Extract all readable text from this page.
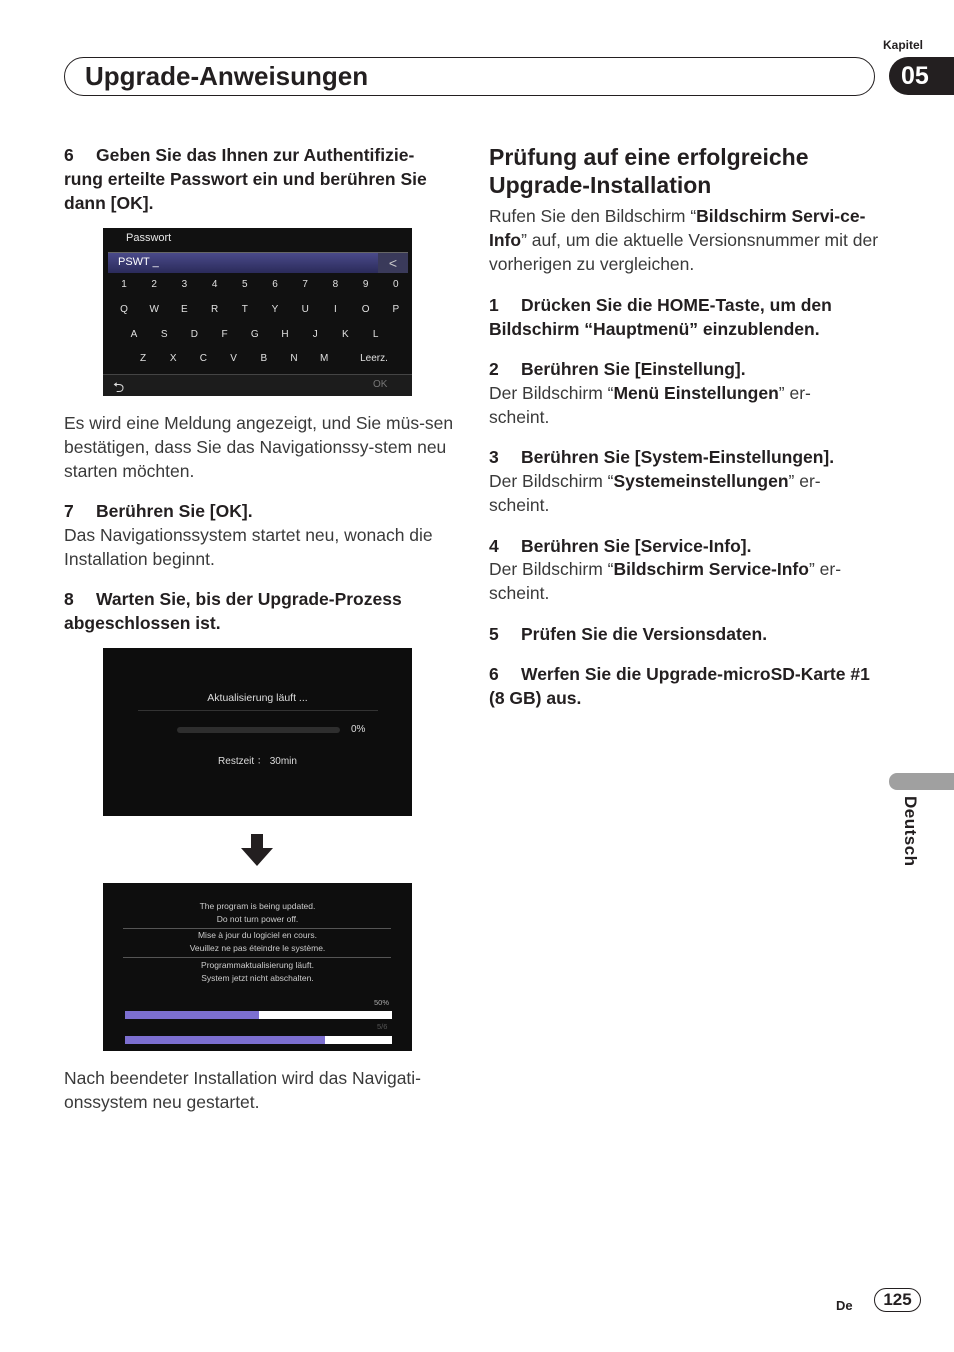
Kapitel
05
Upgrade-Anweisungen
6 Geben Sie das Ihnen zur Authentifizie-rung erteilte Passwort ein und berühren Sie dann [OK].
Passwort
PSWT _	<
1	2	3	4	5	6	7	8	9	0
Q	W	E	R	T	Y	U	I	O	P
A	S	D	F	G	H	J	K	L
Z	X	C	V	B	N	M	Leerz.
⮌	OK
Es wird eine Meldung angezeigt, und Sie müs-sen bestätigen, dass Sie das Navigationssy-stem neu starten möchten.
7 Berühren Sie [OK].
Das Navigationssystem startet neu, wonach die Installation beginnt.
8 Warten Sie, bis der Upgrade-Prozess abgeschlossen ist.
Aktualisierung läuft ...
0%
Restzeit ： 30min
The program is being updated.
Do not turn power off.
Mise à jour du logiciel en cours.
Veuillez ne pas éteindre le système.
Programmaktualisierung läuft.
System jetzt nicht abschalten.
50%
5/6
Nach beendeter Installation wird das Navigati-onssystem neu gestartet.
Prüfung auf eine erfolgreiche Upgrade-Installation
Rufen Sie den Bildschirm “Bildschirm Servi-ce-Info” auf, um die aktuelle Versionsnummer mit der vorherigen zu vergleichen.
1 Drücken Sie die HOME-Taste, um den Bildschirm “Hauptmenü” einzublenden.
2 Berühren Sie [Einstellung].
Der Bildschirm “Menü Einstellungen” er-scheint.
3 Berühren Sie [System-Einstellungen].
Der Bildschirm “Systemeinstellungen” er-scheint.
4 Berühren Sie [Service-Info].
Der Bildschirm “Bildschirm Service-Info” er-scheint.
5 Prüfen Sie die Versionsdaten.
6 Werfen Sie die Upgrade-microSD-Karte #1 (8 GB) aus.
Deutsch
De	125
